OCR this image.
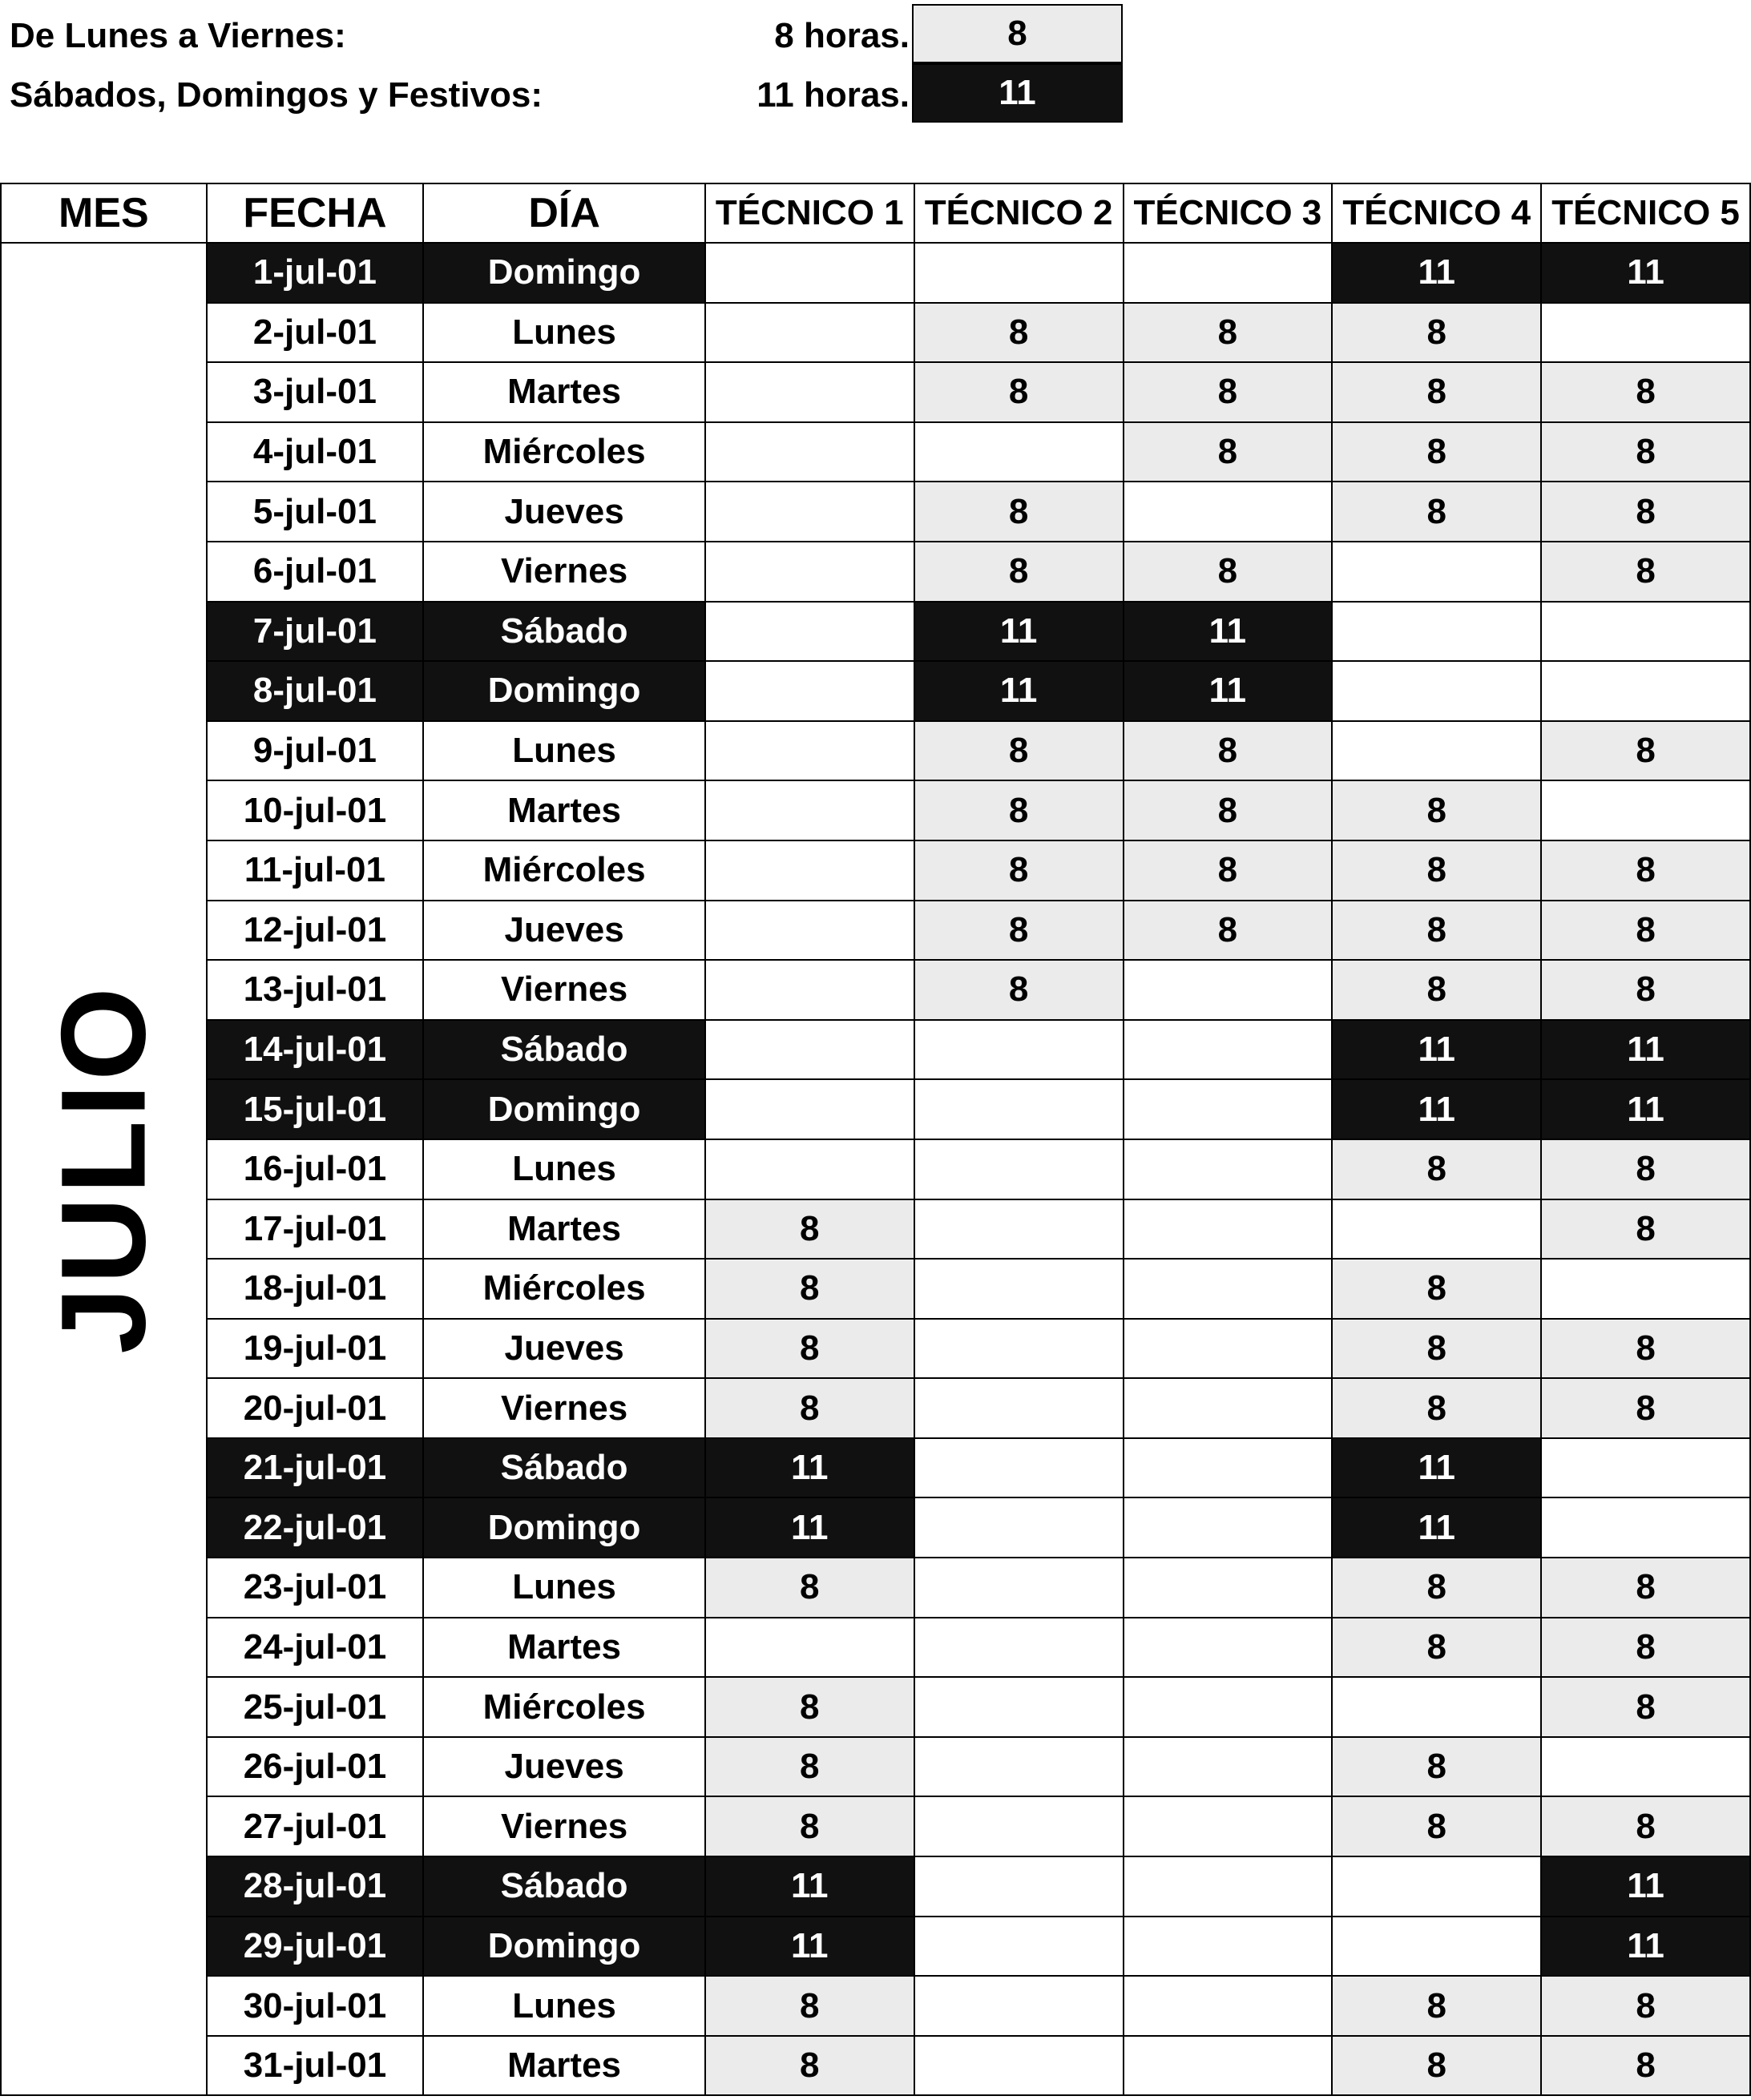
De Lunes a Viernes:	8 horas.	8
Sábados, Domingos y Festivos:	11 horas.	11
MES	FECHA	DÍA	TÉCNICO 1	TÉCNICO 2	TÉCNICO 3	TÉCNICO 4	TÉCNICO 5

JULIO	1-jul-01	Domingo				11	11
	2-jul-01	Lunes		8	8	8	
	3-jul-01	Martes		8	8	8	8
	4-jul-01	Miércoles			8	8	8
	5-jul-01	Jueves		8		8	8
	6-jul-01	Viernes		8	8		8
	7-jul-01	Sábado		11	11		
	8-jul-01	Domingo		11	11		
	9-jul-01	Lunes		8	8		8
	10-jul-01	Martes		8	8	8	
	11-jul-01	Miércoles		8	8	8	8
	12-jul-01	Jueves		8	8	8	8
	13-jul-01	Viernes		8		8	8
	14-jul-01	Sábado				11	11
	15-jul-01	Domingo				11	11
	16-jul-01	Lunes				8	8
	17-jul-01	Martes	8				8
	18-jul-01	Miércoles	8			8	
	19-jul-01	Jueves	8			8	8
	20-jul-01	Viernes	8			8	8
	21-jul-01	Sábado	11			11	
	22-jul-01	Domingo	11			11	
	23-jul-01	Lunes	8			8	8
	24-jul-01	Martes				8	8
	25-jul-01	Miércoles	8				8
	26-jul-01	Jueves	8			8	
	27-jul-01	Viernes	8			8	8
	28-jul-01	Sábado	11				11
	29-jul-01	Domingo	11				11
	30-jul-01	Lunes	8			8	8
	31-jul-01	Martes	8			8	8
